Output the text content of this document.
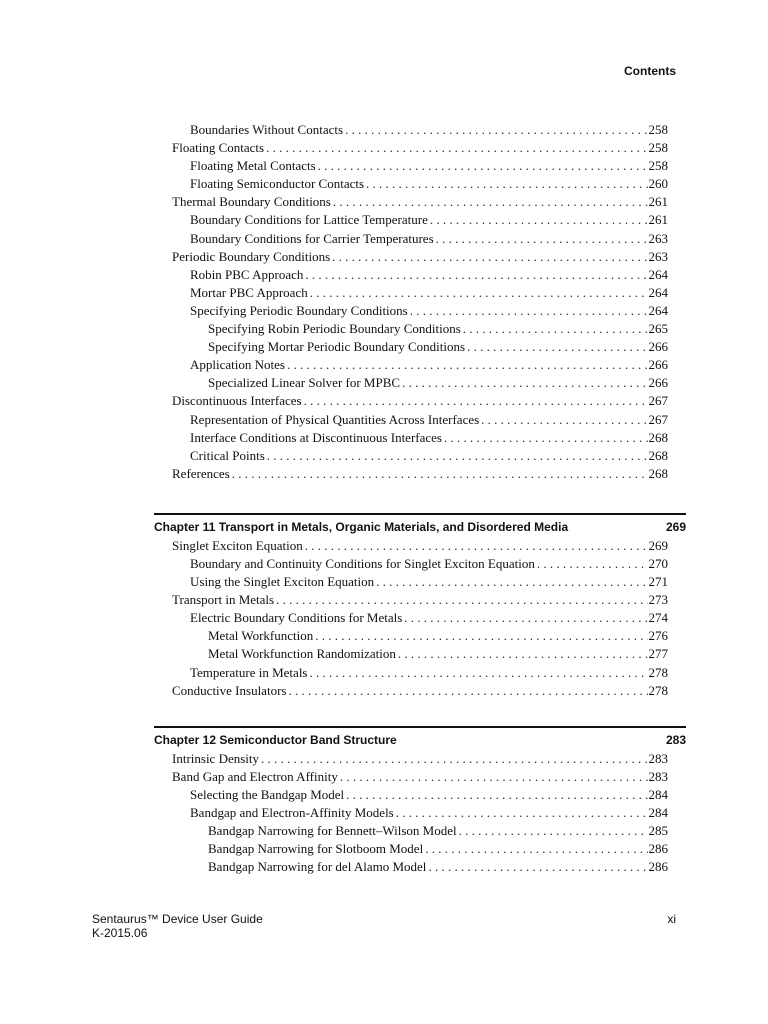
Contents
Boundaries Without Contacts . . .	258
Floating Contacts . . .	258
Floating Metal Contacts . . .	258
Floating Semiconductor Contacts . . .	260
Thermal Boundary Conditions . . .	261
Boundary Conditions for Lattice Temperature . . .	261
Boundary Conditions for Carrier Temperatures . . .	263
Periodic Boundary Conditions . . .	263
Robin PBC Approach . . .	264
Mortar PBC Approach . . .	264
Specifying Periodic Boundary Conditions . . .	264
Specifying Robin Periodic Boundary Conditions . . .	265
Specifying Mortar Periodic Boundary Conditions . . .	266
Application Notes . . .	266
Specialized Linear Solver for MPBC . . .	266
Discontinuous Interfaces . . .	267
Representation of Physical Quantities Across Interfaces . . .	267
Interface Conditions at Discontinuous Interfaces . . .	268
Critical Points . . .	268
References . . .	268
Chapter 11 Transport in Metals, Organic Materials, and Disordered Media	269
Singlet Exciton Equation . . .	269
Boundary and Continuity Conditions for Singlet Exciton Equation . . .	270
Using the Singlet Exciton Equation . . .	271
Transport in Metals . . .	273
Electric Boundary Conditions for Metals . . .	274
Metal Workfunction . . .	276
Metal Workfunction Randomization . . .	277
Temperature in Metals . . .	278
Conductive Insulators . . .	278
Chapter 12 Semiconductor Band Structure	283
Intrinsic Density . . .	283
Band Gap and Electron Affinity . . .	283
Selecting the Bandgap Model . . .	284
Bandgap and Electron-Affinity Models . . .	284
Bandgap Narrowing for Bennett–Wilson Model . . .	285
Bandgap Narrowing for Slotboom Model . . .	286
Bandgap Narrowing for del Alamo Model . . .	286
Sentaurus™ Device User Guide
K-2015.06
xi
